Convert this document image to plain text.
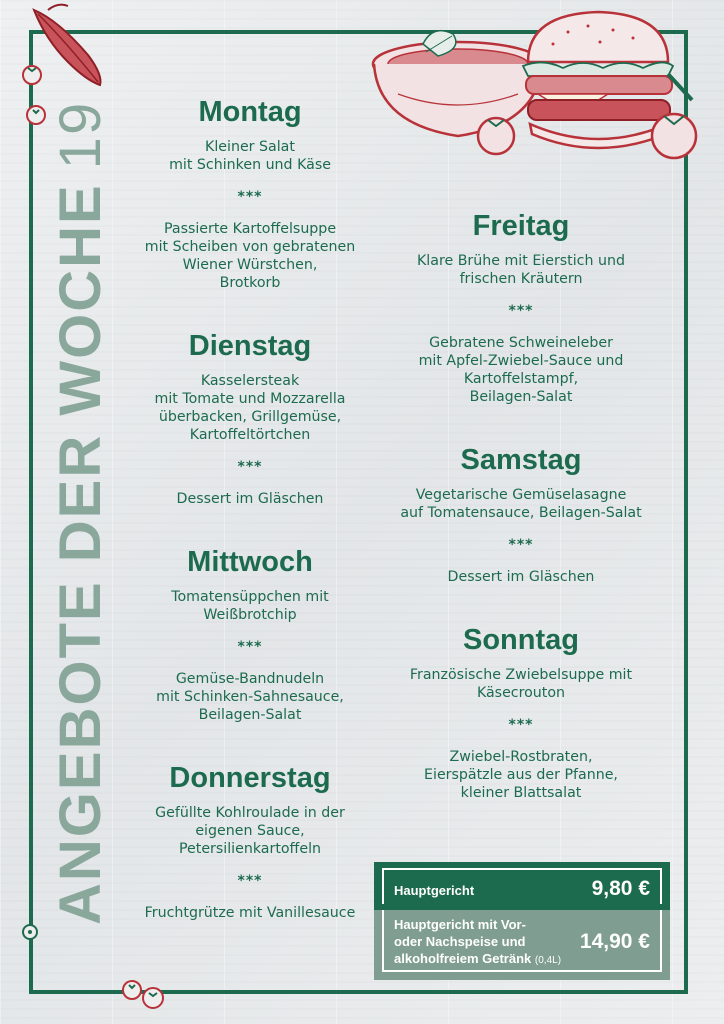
ANGEBOTE DER WOCHE19	Montag
Kleiner Salat
mit Schinken und Käse
***
Passierte Kartoffelsuppe
mit Scheiben von gebratenen
Wiener Würstchen,
Brotkorb
Dienstag
Kasselersteak
mit Tomate und Mozzarella
überbacken, Grillgemüse,
Kartoffeltörtchen
***
Dessert im Gläschen
Mittwoch
Tomatensüppchen mit
Weißbrotchip
***
Gemüse-Bandnudeln
mit Schinken-Sahnesauce,
Beilagen-Salat
Donnerstag
Gefüllte Kohlroulade in der
eigenen Sauce,
Petersilienkartoffeln
***
Fruchtgrütze mit Vanillesauce
Freitag
Klare Brühe mit Eierstich und
frischen Kräutern
***
Gebratene Schweineleber
mit Apfel-Zwiebel-Sauce und
Kartoffelstampf,
Beilagen-Salat
Samstag
Vegetarische Gemüselasagne
auf Tomatensauce, Beilagen-Salat
***
Dessert im Gläschen
Sonntag
Französische Zwiebelsuppe mit
Käsecrouton
***
Zwiebel-Rostbraten,
Eierspätzle aus der Pfanne,
kleiner Blattsalat
Hauptgericht	9,80 €
Hauptgericht mit Vor-
oder Nachspeise und
alkoholfreiem Getränk (0,4L)
14,90 €
